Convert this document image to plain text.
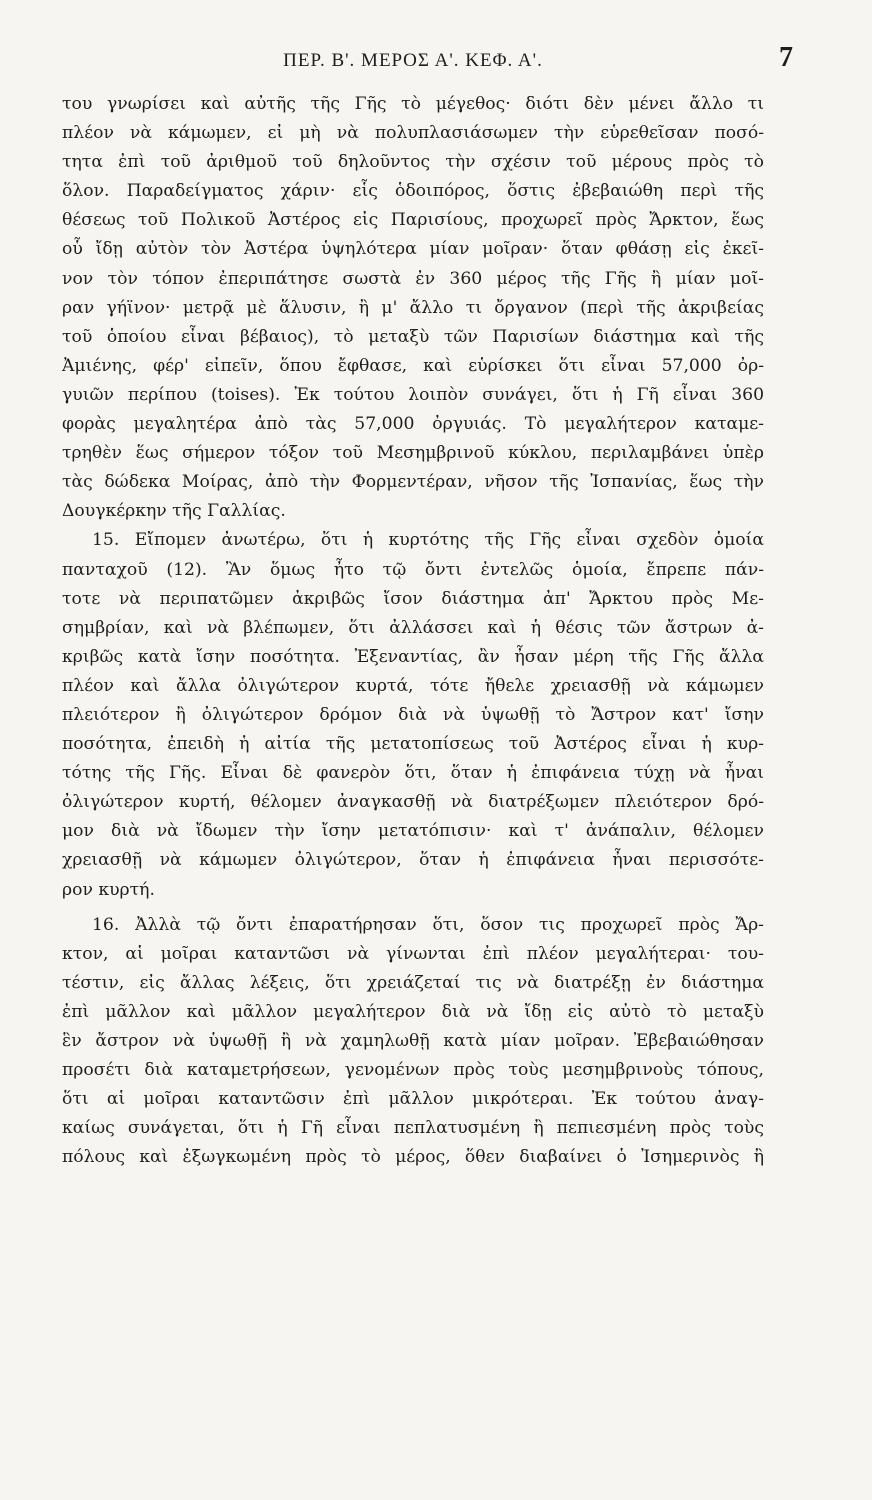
ΠΕΡ. Β'. ΜΕΡΟΣ Α'. ΚΕΦ. Α'.	7

του γνωρίσει καὶ αὐτῆς τῆς Γῆς τὸ μέγεθος· διότι δὲν μένει ἄλλο τι
πλέον νὰ κάμωμεν, εἰ μὴ νὰ πολυπλασιάσωμεν τὴν εὑρεθεῖσαν ποσό-
τητα ἐπὶ τοῦ ἀριθμοῦ τοῦ δηλοῦντος τὴν σχέσιν τοῦ μέρους πρὸς τὸ
ὅλον. Παραδείγματος χάριν· εἷς ὁδοιπόρος, ὅστις ἐβεβαιώθη περὶ τῆς
θέσεως τοῦ Πολικοῦ Ἀστέρος εἰς Παρισίους, προχωρεῖ πρὸς Ἄρκτον, ἕως
οὗ ἴδῃ αὐτὸν τὸν Ἀστέρα ὑψηλότερα μίαν μοῖραν· ὅταν φθάσῃ εἰς ἐκεῖ-
νον τὸν τόπον ἐπεριπάτησε σωστὰ ἐν 360 μέρος τῆς Γῆς ἢ μίαν μοῖ-
ραν γήϊνον· μετρᾷ μὲ ἅλυσιν, ἢ μ' ἄλλο τι ὄργανον (περὶ τῆς ἀκριβείας
τοῦ ὁποίου εἶναι βέβαιος), τὸ μεταξὺ τῶν Παρισίων διάστημα καὶ τῆς
Ἀμιένης, φέρ' εἰπεῖν, ὅπου ἔφθασε, καὶ εὑρίσκει ὅτι εἶναι 57,000 ὀρ-
γυιῶν περίπου (toises). Ἐκ τούτου λοιπὸν συνάγει, ὅτι ἡ Γῆ εἶναι 360
φορὰς μεγαλητέρα ἀπὸ τὰς 57,000 ὀργυιάς. Τὸ μεγαλήτερον καταμε-
τρηθὲν ἕως σήμερον τόξον τοῦ Μεσημβρινοῦ κύκλου, περιλαμβάνει ὑπὲρ
τὰς δώδεκα Μοίρας, ἀπὸ τὴν Φορμεντέραν, νῆσον τῆς Ἰσπανίας, ἕως τὴν
Δουγκέρκην τῆς Γαλλίας.

15. Εἴπομεν ἀνωτέρω, ὅτι ἡ κυρτότης τῆς Γῆς εἶναι σχεδὸν ὁμοία
πανταχοῦ (12). Ἂν ὅμως ἦτο τῷ ὄντι ἐντελῶς ὁμοία, ἔπρεπε πάν-
τοτε νὰ περιπατῶμεν ἀκριβῶς ἴσον διάστημα ἀπ' Ἄρκτου πρὸς Με-
σημβρίαν, καὶ νὰ βλέπωμεν, ὅτι ἀλλάσσει καὶ ἡ θέσις τῶν ἄστρων ἀ-
κριβῶς κατὰ ἴσην ποσότητα. Ἐξεναντίας, ἂν ἦσαν μέρη τῆς Γῆς ἄλλα
πλέον καὶ ἄλλα ὀλιγώτερον κυρτά, τότε ἤθελε χρειασθῇ νὰ κάμωμεν
πλειότερον ἢ ὀλιγώτερον δρόμον διὰ νὰ ὑψωθῇ τὸ Ἄστρον κατ' ἴσην
ποσότητα, ἐπειδὴ ἡ αἰτία τῆς μετατοπίσεως τοῦ Ἀστέρος εἶναι ἡ κυρ-
τότης τῆς Γῆς. Εἶναι δὲ φανερὸν ὅτι, ὅταν ἡ ἐπιφάνεια τύχῃ νὰ ἦναι
ὀλιγώτερον κυρτή, θέλομεν ἀναγκασθῇ νὰ διατρέξωμεν πλειότερον δρό-
μον διὰ νὰ ἴδωμεν τὴν ἴσην μετατόπισιν· καὶ τ' ἀνάπαλιν, θέλομεν
χρειασθῇ νὰ κάμωμεν ὀλιγώτερον, ὅταν ἡ ἐπιφάνεια ἦναι περισσότε-
ρον κυρτή.

16. Ἀλλὰ τῷ ὄντι ἐπαρατήρησαν ὅτι, ὅσον τις προχωρεῖ πρὸς Ἄρ-
κτον, αἱ μοῖραι καταντῶσι νὰ γίνωνται ἐπὶ πλέον μεγαλήτεραι· του-
τέστιν, εἰς ἄλλας λέξεις, ὅτι χρειάζεταί τις νὰ διατρέξῃ ἐν διάστημα
ἐπὶ μᾶλλον καὶ μᾶλλον μεγαλήτερον διὰ νὰ ἴδῃ εἰς αὐτὸ τὸ μεταξὺ
ἓν ἄστρον νὰ ὑψωθῇ ἢ νὰ χαμηλωθῇ κατὰ μίαν μοῖραν. Ἐβεβαιώθησαν
προσέτι διὰ καταμετρήσεων, γενομένων πρὸς τοὺς μεσημβρινοὺς τόπους,
ὅτι αἱ μοῖραι καταντῶσιν ἐπὶ μᾶλλον μικρότεραι. Ἐκ τούτου ἀναγ-
καίως συνάγεται, ὅτι ἡ Γῆ εἶναι πεπλατυσμένη ἢ πεπιεσμένη πρὸς τοὺς
πόλους καὶ ἐξωγκωμένη πρὸς τὸ μέρος, ὅθεν διαβαίνει ὁ Ἰσημερινὸς ἢ
